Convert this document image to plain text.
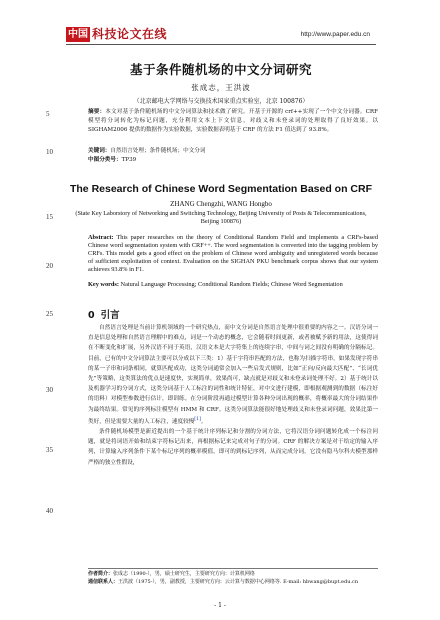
中国 科技论文在线	http://www.paper.edu.cn
5
10
15
20
25
30
35
40
基于条件随机场的中文分词研究
张成志，王洪波
（北京邮电大学网络与交换技术国家重点实验室，北京 100876）
摘要：本文对基于条件随机场的中文分词算法和技术做了研究。开基于开源的 crf++实现了一个中文分词器。CRF 模型将分词转化为标记问题，充分利用文本上下文信息，对歧义和未登录词的处理取得了良好效果。以 SIGHAM2006 提供的数据作为实验数据，实验数据表明基于 CRF 的方法 F1 值达到了 93.8%。
关键词：自然语言处理；条件随机场；中文分词
中图分类号：TP39
The Research of Chinese Word Segmentation Based on CRF
ZHANG Chengzhi, WANG Hongbo
(State Key Laborstory of Networking and Switching Technology, Beijing University of Posts & Telecommunications, Beijing 100876)
Abstract: This paper researches on the theory of Conditional Random Field and implements a CRFs-based Chinese word segmentation system with CRF++. The word segmentation is converted into the tagging problem by CRFs. This model gets a good effect on the problem of Chinese word ambiguity and unregistered words because of sufficient exploitation of context. Evaluation on the SIGHAN PKU benchmark corpus shows that our system achieves 93.8% in F1.
Key words: Natural Language Processing; Conditional Random Fields; Chinese Word Segmentation
0 引言

自然语言处理是当前计算机领域的一个研究热点，而中文分词是自然语言处理中很重要的内容之一。汉语分词一直是信息处理和自然语言理解中的难点，词是一个动态的概念，它会随着时间更新，或者被赋予新的用法，这使得词在不断变化和扩展，另外汉语不同于英语，汉语文本是大字符集上的连续字串，中间与词之间没有明确的分隔标记。目前，已有的中文分词算法主要可以分成以下三类：1）基于字符串匹配的方法，也称为扫描字符串，如果发现字符串的某一子串和词条相同，就算匹配成功，这类分词通常会加入一些启发式规则，比如“正向/反向最大匹配”、“长词优先”等策略，这类算法的优点是速度快，实现简单，效果尚可，缺点就是对歧义和未登录词处理不好。2）基于统计以及机器学习的分词方式，这类分词基于人工标注的词性和统计特征，对中文进行建模，即根据观测到的数据（标注好的语料）对模型参数进行估计，即训练。在分词阶段再通过模型计算各种分词出现的概率，将概率最大的分词结果作为最终结果。常见的序列标注模型有 HMM 和 CRF。这类分词算法能很好地处理歧义和未登录词问题，效果比第一类好，但是需要大量的人工标注，速度较慢[1]。

条件随机场模型是新近提出的一个基于统计序列标记和分割的分词方法，它将汉语分词问题转化成一个标注问题，就是将词语开始和结束字符标记出来，再根据标记来完成对句子的分词。CRF 的解决方案是对于给定的输入序列，计算输入序列条件下某个标记序列的概率模值，即可的到标记序列，从而完成分词。它没有隐马尔科夫模型那样严格的独立性假设，

作者简介：张成志（1990-），男，硕士研究生，主要研究方向：计算机网络
通信联系人：王洪波（1975-），男，副教授，主要研究方向：云计算与数据中心网络等. E-mail: hbwang@bupt.edu.cn
- 1 -
